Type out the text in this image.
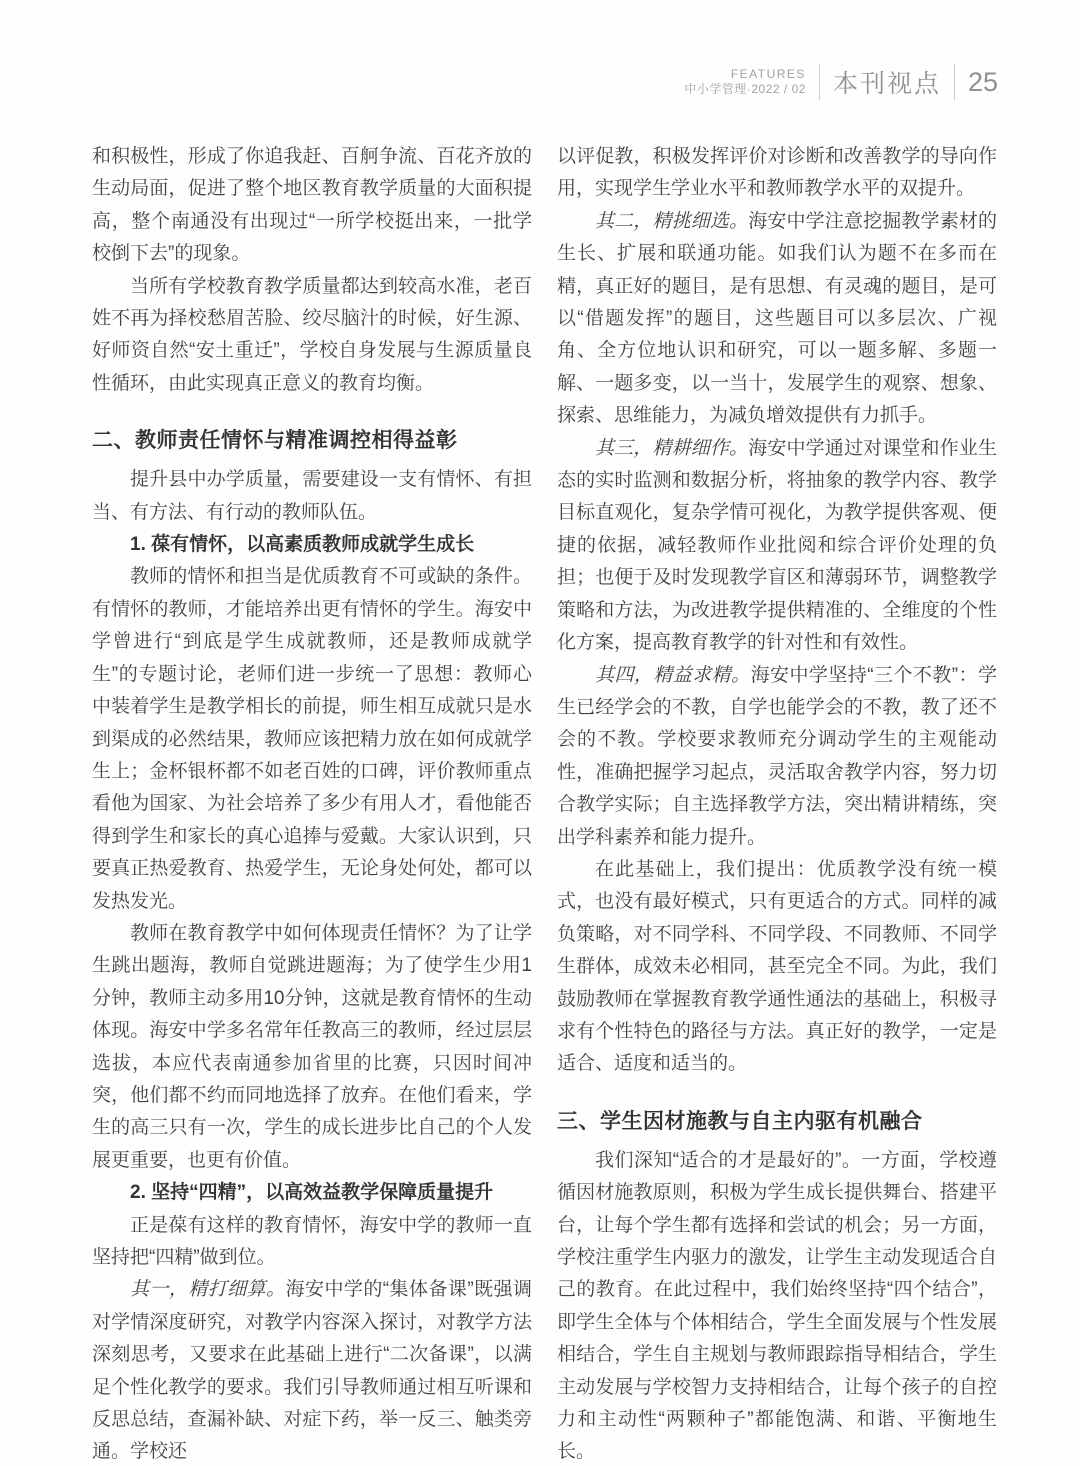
FEATURES
中小学管理·2022 / 02 本刊视点 25

和积极性，形成了你追我赶、百舸争流、百花齐放的生动局面，促进了整个地区教育教学质量的大面积提高，整个南通没有出现过“一所学校挺出来，一批学校倒下去”的现象。

当所有学校教育教学质量都达到较高水准，老百姓不再为择校愁眉苦脸、绞尽脑汁的时候，好生源、好师资自然“安土重迁”，学校自身发展与生源质量良性循环，由此实现真正意义的教育均衡。

二、教师责任情怀与精准调控相得益彰

提升县中办学质量，需要建设一支有情怀、有担当、有方法、有行动的教师队伍。

1. 葆有情怀，以高素质教师成就学生成长

教师的情怀和担当是优质教育不可或缺的条件。有情怀的教师，才能培养出更有情怀的学生。海安中学曾进行“到底是学生成就教师，还是教师成就学生”的专题讨论，老师们进一步统一了思想：教师心中装着学生是教学相长的前提，师生相互成就只是水到渠成的必然结果，教师应该把精力放在如何成就学生上；金杯银杯都不如老百姓的口碑，评价教师重点看他为国家、为社会培养了多少有用人才，看他能否得到学生和家长的真心追捧与爱戴。大家认识到，只要真正热爱教育、热爱学生，无论身处何处，都可以发热发光。

教师在教育教学中如何体现责任情怀？为了让学生跳出题海，教师自觉跳进题海；为了使学生少用1分钟，教师主动多用10分钟，这就是教育情怀的生动体现。海安中学多名常年任教高三的教师，经过层层选拔，本应代表南通参加省里的比赛，只因时间冲突，他们都不约而同地选择了放弃。在他们看来，学生的高三只有一次，学生的成长进步比自己的个人发展更重要，也更有价值。

2. 坚持“四精”，以高效益教学保障质量提升

正是葆有这样的教育情怀，海安中学的教师一直坚持把“四精”做到位。

其一，精打细算。海安中学的“集体备课”既强调对学情深度研究，对教学内容深入探讨，对教学方法深刻思考，又要求在此基础上进行“二次备课”，以满足个性化教学的要求。我们引导教师通过相互听课和反思总结，查漏补缺、对症下药，举一反三、触类旁通。学校还

以评促教，积极发挥评价对诊断和改善教学的导向作用，实现学生学业水平和教师教学水平的双提升。

其二，精挑细选。海安中学注意挖掘教学素材的生长、扩展和联通功能。如我们认为题不在多而在精，真正好的题目，是有思想、有灵魂的题目，是可以“借题发挥”的题目，这些题目可以多层次、广视角、全方位地认识和研究，可以一题多解、多题一解、一题多变，以一当十，发展学生的观察、想象、探索、思维能力，为减负增效提供有力抓手。

其三，精耕细作。海安中学通过对课堂和作业生态的实时监测和数据分析，将抽象的教学内容、教学目标直观化，复杂学情可视化，为教学提供客观、便捷的依据，减轻教师作业批阅和综合评价处理的负担；也便于及时发现教学盲区和薄弱环节，调整教学策略和方法，为改进教学提供精准的、全维度的个性化方案，提高教育教学的针对性和有效性。

其四，精益求精。海安中学坚持“三个不教”：学生已经学会的不教，自学也能学会的不教，教了还不会的不教。学校要求教师充分调动学生的主观能动性，准确把握学习起点，灵活取舍教学内容，努力切合教学实际；自主选择教学方法，突出精讲精练，突出学科素养和能力提升。

在此基础上，我们提出：优质教学没有统一模式，也没有最好模式，只有更适合的方式。同样的减负策略，对不同学科、不同学段、不同教师、不同学生群体，成效未必相同，甚至完全不同。为此，我们鼓励教师在掌握教育教学通性通法的基础上，积极寻求有个性特色的路径与方法。真正好的教学，一定是适合、适度和适当的。

三、学生因材施教与自主内驱有机融合

我们深知“适合的才是最好的”。一方面，学校遵循因材施教原则，积极为学生成长提供舞台、搭建平台，让每个学生都有选择和尝试的机会；另一方面，学校注重学生内驱力的激发，让学生主动发现适合自己的教育。在此过程中，我们始终坚持“四个结合”，即学生全体与个体相结合，学生全面发展与个性发展相结合，学生自主规划与教师跟踪指导相结合，学生主动发展与学校智力支持相结合，让每个孩子的自控力和主动性“两颗种子”都能饱满、和谐、平衡地生长。
